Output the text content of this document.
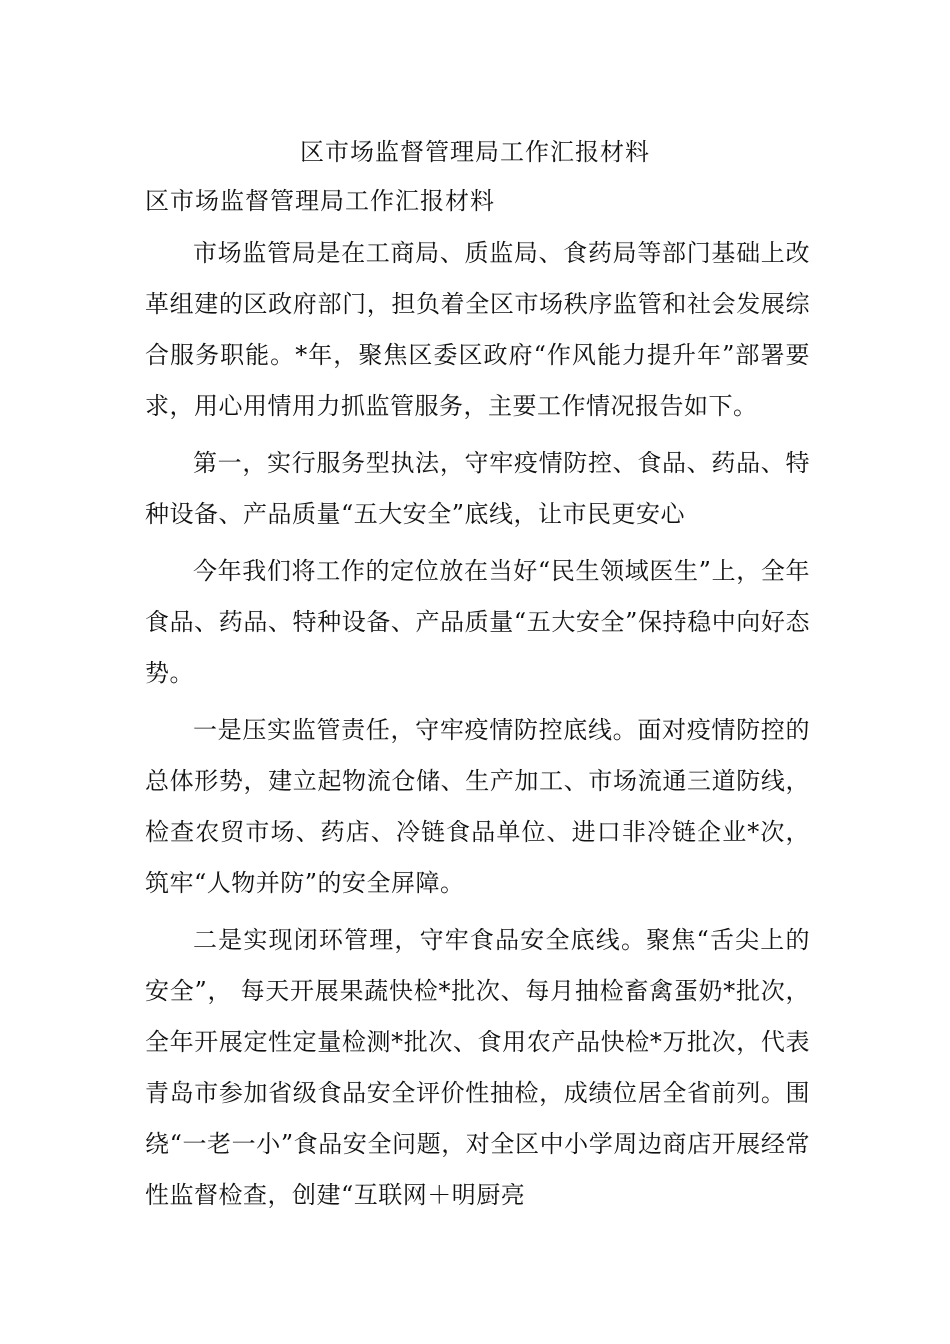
区市场监督管理局工作汇报材料

区市场监督管理局工作汇报材料

市场监管局是在工商局、质监局、食药局等部门基础上改革组建的区政府部门，担负着全区市场秩序监管和社会发展综合服务职能。*年，聚焦区委区政府“作风能力提升年”部署要求，用心用情用力抓监管服务，主要工作情况报告如下。

第一，实行服务型执法，守牢疫情防控、食品、药品、特种设备、产品质量“五大安全”底线，让市民更安心

今年我们将工作的定位放在当好“民生领域医生”上，全年食品、药品、特种设备、产品质量“五大安全”保持稳中向好态势。

一是压实监管责任，守牢疫情防控底线。面对疫情防控的总体形势，建立起物流仓储、生产加工、市场流通三道防线，检查农贸市场、药店、冷链食品单位、进口非冷链企业*次，筑牢“人物并防”的安全屏障。

二是实现闭环管理，守牢食品安全底线。聚焦“舌尖上的安全”， 每天开展果蔬快检*批次、每月抽检畜禽蛋奶*批次，全年开展定性定量检测*批次、食用农产品快检*万批次，代表青岛市参加省级食品安全评价性抽检，成绩位居全省前列。围绕“一老一小”食品安全问题，对全区中小学周边商店开展经常性监督检查，创建“互联网＋明厨亮
